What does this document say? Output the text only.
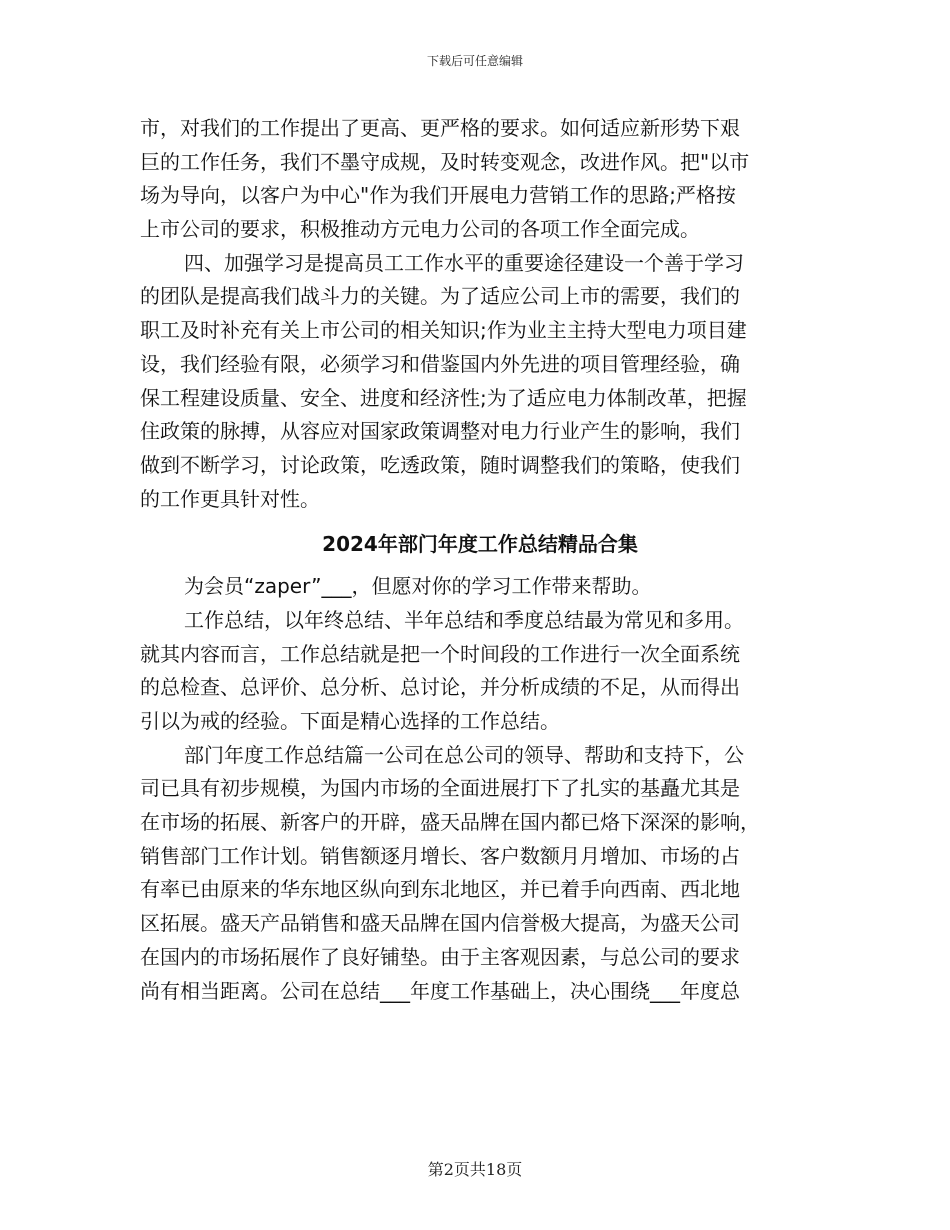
下载后可任意编辑
市，对我们的工作提出了更高、更严格的要求。如何适应新形势下艰
巨的工作任务，我们不墨守成规，及时转变观念，改进作风。把"以市
场为导向，以客户为中心"作为我们开展电力营销工作的思路;严格按
上市公司的要求，积极推动方元电力公司的各项工作全面完成。
四、加强学习是提高员工工作水平的重要途径建设一个善于学习
的团队是提高我们战斗力的关键。为了适应公司上市的需要，我们的
职工及时补充有关上市公司的相关知识;作为业主主持大型电力项目建
设，我们经验有限，必须学习和借鉴国内外先进的项目管理经验，确
保工程建设质量、安全、进度和经济性;为了适应电力体制改革，把握
住政策的脉搏，从容应对国家政策调整对电力行业产生的影响，我们
做到不断学习，讨论政策，吃透政策，随时调整我们的策略，使我们
的工作更具针对性。
2024年部门年度工作总结精品合集
为会员“zaper”___，但愿对你的学习工作带来帮助。
工作总结，以年终总结、半年总结和季度总结最为常见和多用。
就其内容而言，工作总结就是把一个时间段的工作进行一次全面系统
的总检查、总评价、总分析、总讨论，并分析成绩的不足，从而得出
引以为戒的经验。下面是精心选择的工作总结。
部门年度工作总结篇一公司在总公司的领导、帮助和支持下，公
司已具有初步规模，为国内市场的全面进展打下了扎实的基矗尤其是
在市场的拓展、新客户的开辟，盛天品牌在国内都已烙下深深的影响，
销售部门工作计划。销售额逐月增长、客户数额月月增加、市场的占
有率已由原来的华东地区纵向到东北地区，并已着手向西南、西北地
区拓展。盛天产品销售和盛天品牌在国内信誉极大提高，为盛天公司
在国内的市场拓展作了良好铺垫。由于主客观因素，与总公司的要求
尚有相当距离。公司在总结___年度工作基础上，决心围绕___年度总
第2页共18页
